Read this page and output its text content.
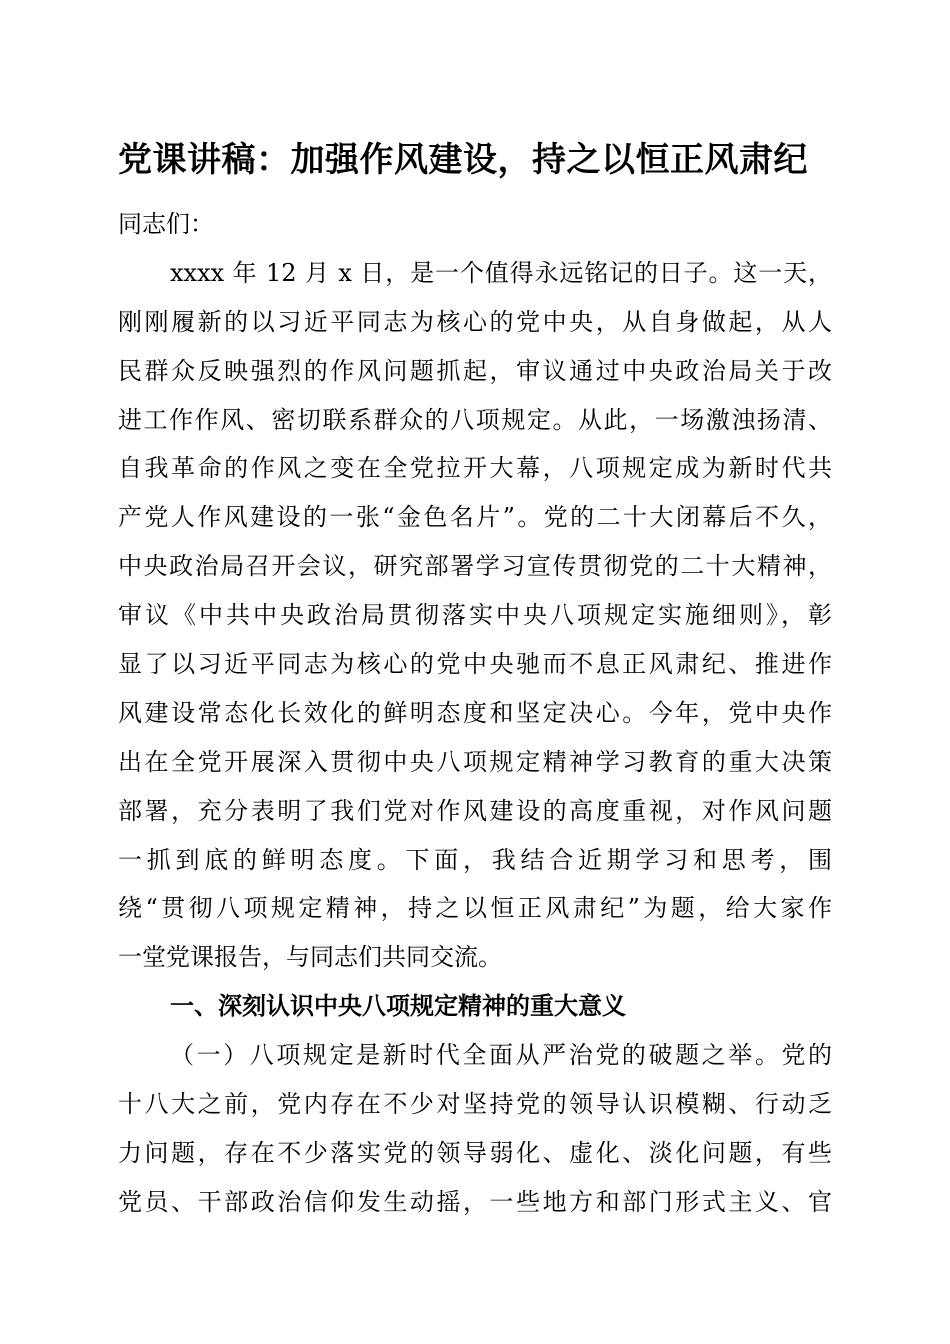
党课讲稿：加强作风建设，持之以恒正风肃纪
同志们：
xxxx 年 12 月 x 日，是一个值得永远铭记的日子。这一天，
刚刚履新的以习近平同志为核心的党中央，从自身做起，从人
民群众反映强烈的作风问题抓起，审议通过中央政治局关于改
进工作作风、密切联系群众的八项规定。从此，一场激浊扬清、
自我革命的作风之变在全党拉开大幕，八项规定成为新时代共
产党人作风建设的一张“金色名片”。党的二十大闭幕后不久，
中央政治局召开会议，研究部署学习宣传贯彻党的二十大精神，
审议《中共中央政治局贯彻落实中央八项规定实施细则》，彰
显了以习近平同志为核心的党中央驰而不息正风肃纪、推进作
风建设常态化长效化的鲜明态度和坚定决心。今年，党中央作
出在全党开展深入贯彻中央八项规定精神学习教育的重大决策
部署，充分表明了我们党对作风建设的高度重视，对作风问题
一抓到底的鲜明态度。下面，我结合近期学习和思考，围
绕“贯彻八项规定精神，持之以恒正风肃纪”为题，给大家作
一堂党课报告，与同志们共同交流。
一、深刻认识中央八项规定精神的重大意义
（一）八项规定是新时代全面从严治党的破题之举。党的
十八大之前，党内存在不少对坚持党的领导认识模糊、行动乏
力问题，存在不少落实党的领导弱化、虚化、淡化问题，有些
党员、干部政治信仰发生动摇，一些地方和部门形式主义、官
